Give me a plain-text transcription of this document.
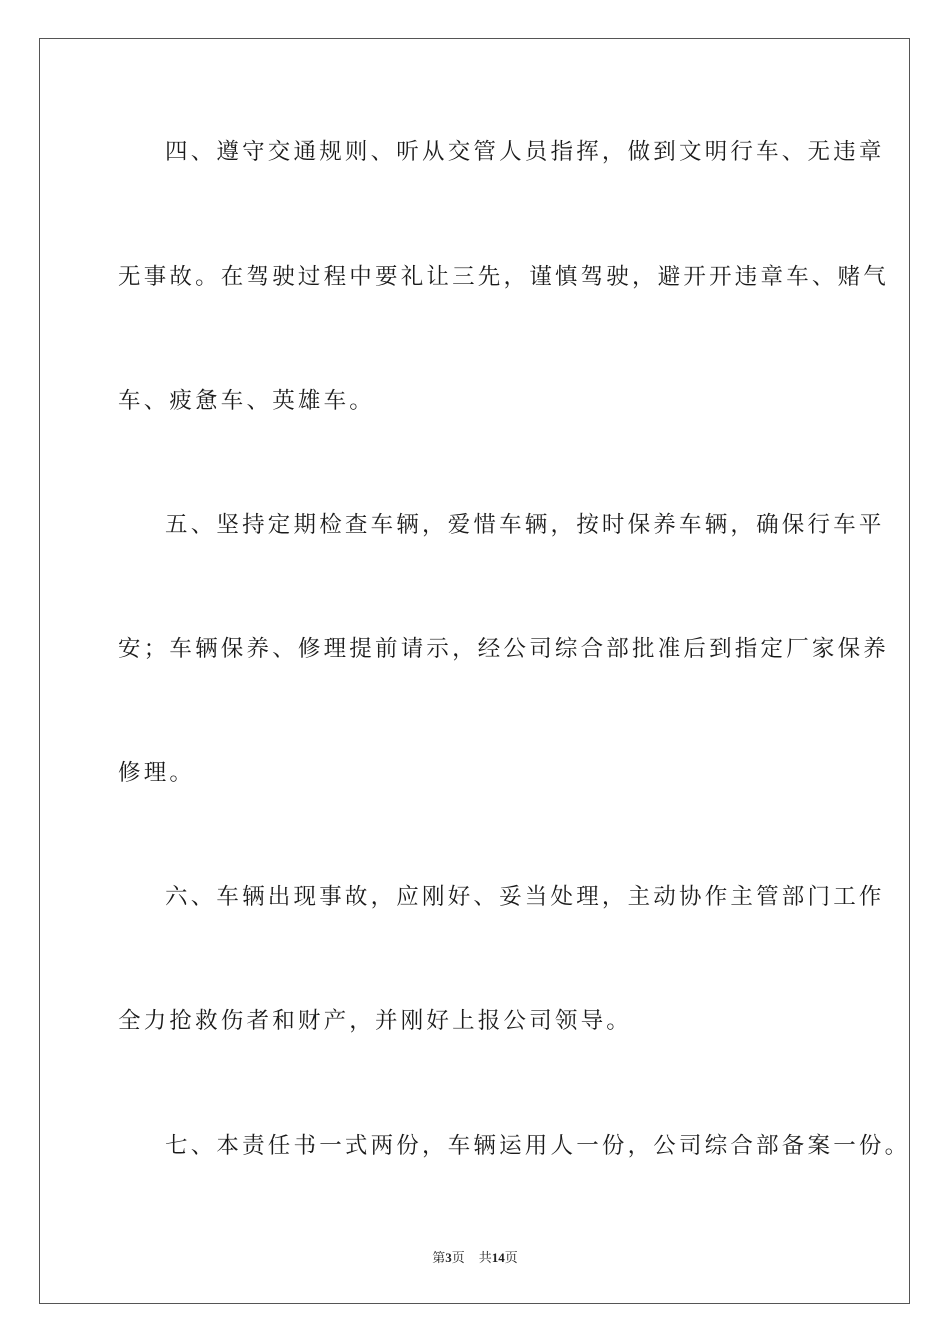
四、遵守交通规则、听从交管人员指挥，做到文明行车、无违章
无事故。在驾驶过程中要礼让三先，谨慎驾驶，避开开违章车、赌气
车、疲惫车、英雄车。
五、坚持定期检查车辆，爱惜车辆，按时保养车辆，确保行车平
安；车辆保养、修理提前请示，经公司综合部批准后到指定厂家保养
修理。
六、车辆出现事故，应刚好、妥当处理，主动协作主管部门工作
全力抢救伤者和财产，并刚好上报公司领导。
七、本责任书一式两份，车辆运用人一份，公司综合部备案一份。
第3页 共14页
